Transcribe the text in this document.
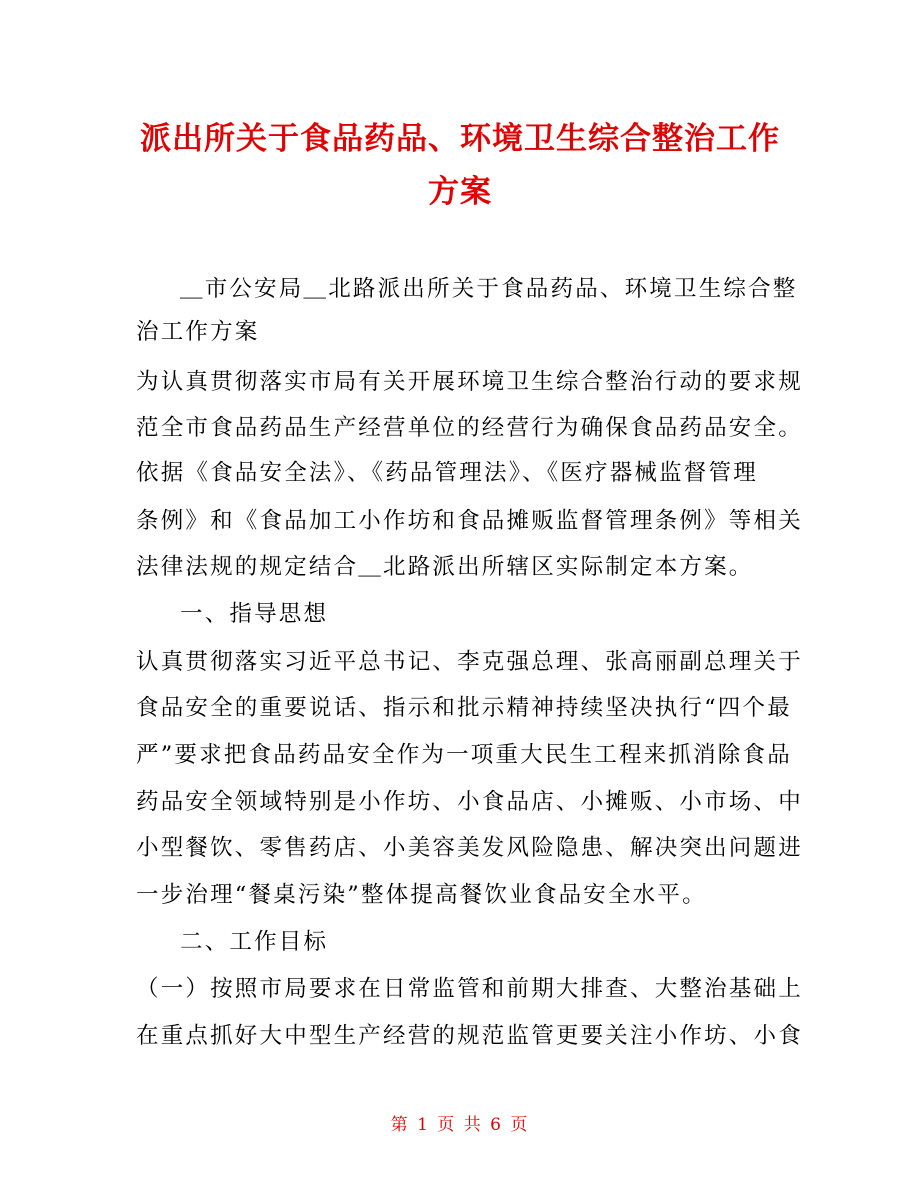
派出所关于食品药品、环境卫生综合整治工作
方案
＿市公安局＿北路派出所关于食品药品、环境卫生综合整
治工作方案
为认真贯彻落实市局有关开展环境卫生综合整治行动的要求规
范全市食品药品生产经营单位的经营行为确保食品药品安全。
依据《食品安全法》、《药品管理法》、《医疗器械监督管理
条例》和《食品加工小作坊和食品摊贩监督管理条例》等相关
法律法规的规定结合＿北路派出所辖区实际制定本方案。
一、指导思想
认真贯彻落实习近平总书记、李克强总理、张高丽副总理关于
食品安全的重要说话、指示和批示精神持续坚决执行“四个最
严”要求把食品药品安全作为一项重大民生工程来抓消除食品
药品安全领域特别是小作坊、小食品店、小摊贩、小市场、中
小型餐饮、零售药店、小美容美发风险隐患、解决突出问题进
一步治理“餐桌污染”整体提高餐饮业食品安全水平。
二、工作目标
（一）按照市局要求在日常监管和前期大排查、大整治基础上
在重点抓好大中型生产经营的规范监管更要关注小作坊、小食
第 1 页 共 6 页
